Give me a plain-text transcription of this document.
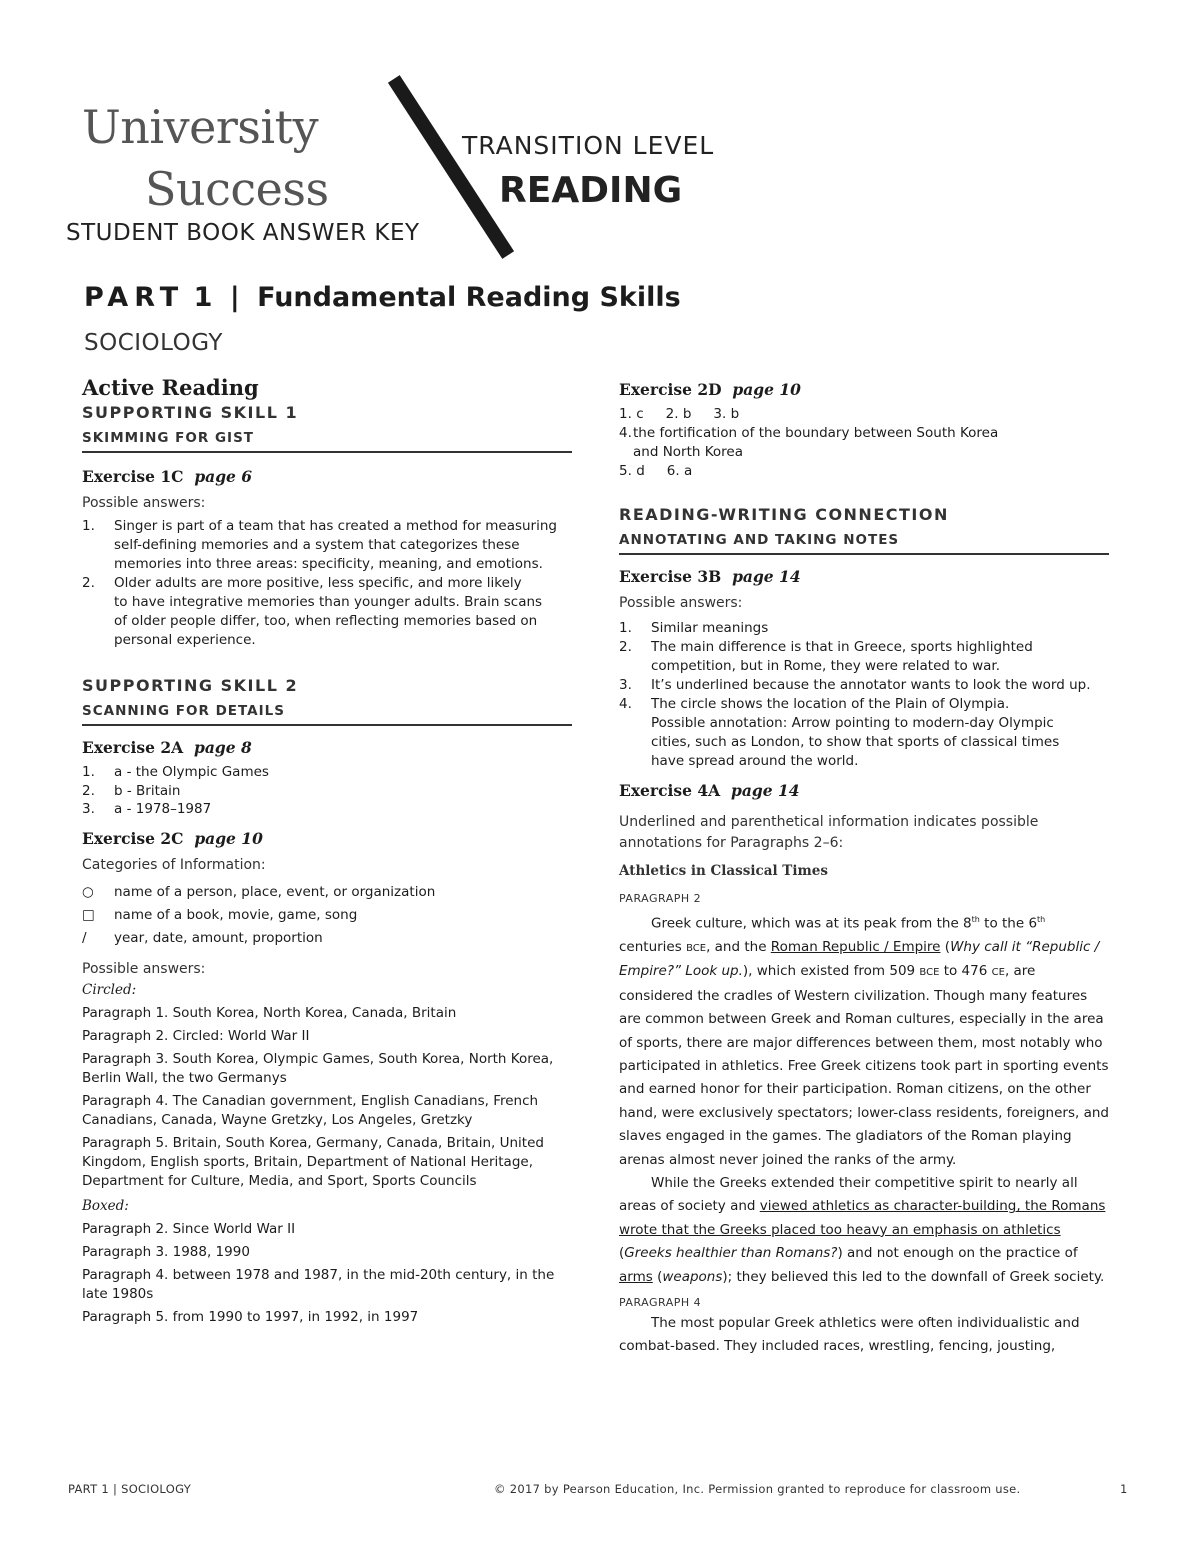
University
Success
STUDENT BOOK ANSWER KEY
TRANSITION LEVEL
READING
PART 1 | Fundamental Reading Skills
SOCIOLOGY

Active Reading

SUPPORTING SKILL 1

SKIMMING FOR GIST

Exercise 1C page 6

Possible answers:
1. Singer is part of a team that has created a method for measuring
self-defining memories and a system that categorizes these
memories into three areas: specificity, meaning, and emotions.
2. Older adults are more positive, less specific, and more likely
to have integrative memories than younger adults. Brain scans
of older people differ, too, when reflecting memories based on
personal experience.

SUPPORTING SKILL 2

SCANNING FOR DETAILS

Exercise 2A page 8

1. a - the Olympic Games
2. b - Britain
3. a - 1978–1987

Exercise 2C page 10

Categories of Information:
○	name of a person, place, event, or organization
□	name of a book, movie, game, song
/	year, date, amount, proportion
Possible answers:
Circled:

Paragraph 1. South Korea, North Korea, Canada, Britain

Paragraph 2. Circled: World War II

Paragraph 3. South Korea, Olympic Games, South Korea, North Korea, Berlin Wall, the two Germanys

Paragraph 4. The Canadian government, English Canadians, French Canadians, Canada, Wayne Gretzky, Los Angeles, Gretzky

Paragraph 5. Britain, South Korea, Germany, Canada, Britain, United Kingdom, English sports, Britain, Department of National Heritage, Department for Culture, Media, and Sport, Sports Councils

Boxed:

Paragraph 2. Since World War II

Paragraph 3. 1988, 1990

Paragraph 4. between 1978 and 1987, in the mid-20th century, in the late 1980s

Paragraph 5. from 1990 to 1997, in 1992, in 1997

Exercise 2D page 10

1. c 2. b 3. b
4. the fortification of the boundary between South Korea
and North Korea
5. d 6. a

READING-WRITING CONNECTION

ANNOTATING AND TAKING NOTES

Exercise 3B page 14

Possible answers:
1. Similar meanings
2. The main difference is that in Greece, sports highlighted
competition, but in Rome, they were related to war.
3. It’s underlined because the annotator wants to look the word up.
4. The circle shows the location of the Plain of Olympia.
Possible annotation: Arrow pointing to modern-day Olympic
cities, such as London, to show that sports of classical times
have spread around the world.

Exercise 4A page 14

Underlined and parenthetical information indicates possible annotations for Paragraphs 2–6:
Athletics in Classical Times
PARAGRAPH 2
Greek culture, which was at its peak from the 8th to the 6th centuries BCE, and the Roman Republic / Empire (Why call it “Republic / Empire?” Look up.), which existed from 509 BCE to 476 CE, are considered the cradles of Western civilization. Though many features are common between Greek and Roman cultures, especially in the area of sports, there are major differences between them, most notably who participated in athletics. Free Greek citizens took part in sporting events and earned honor for their participation. Roman citizens, on the other hand, were exclusively spectators; lower-class residents, foreigners, and slaves engaged in the games. The gladiators of the Roman playing arenas almost never joined the ranks of the army.
While the Greeks extended their competitive spirit to nearly all areas of society and viewed athletics as character-building, the Romans wrote that the Greeks placed too heavy an emphasis on athletics (Greeks healthier than Romans?) and not enough on the practice of arms (weapons); they believed this led to the downfall of Greek society.
PARAGRAPH 4
The most popular Greek athletics were often individualistic and combat-based. They included races, wrestling, fencing, jousting,
PART 1 | SOCIOLOGY	© 2017 by Pearson Education, Inc. Permission granted to reproduce for classroom use.	1
